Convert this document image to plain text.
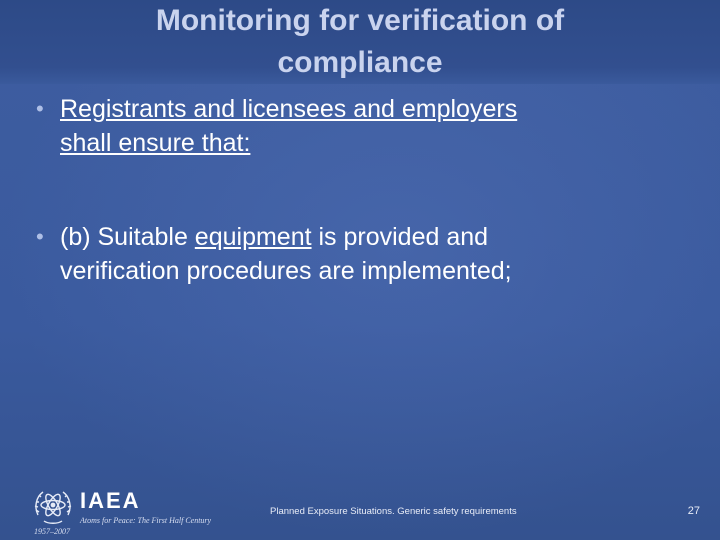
Monitoring for verification of
compliance
• Registrants and licensees and employers
shall ensure that:
• (b) Suitable equipment is provided and
verification procedures are implemented;
IAEA
Atoms for Peace: The First Half Century
1957–2007
Planned Exposure Situations. Generic safety requirements	27
